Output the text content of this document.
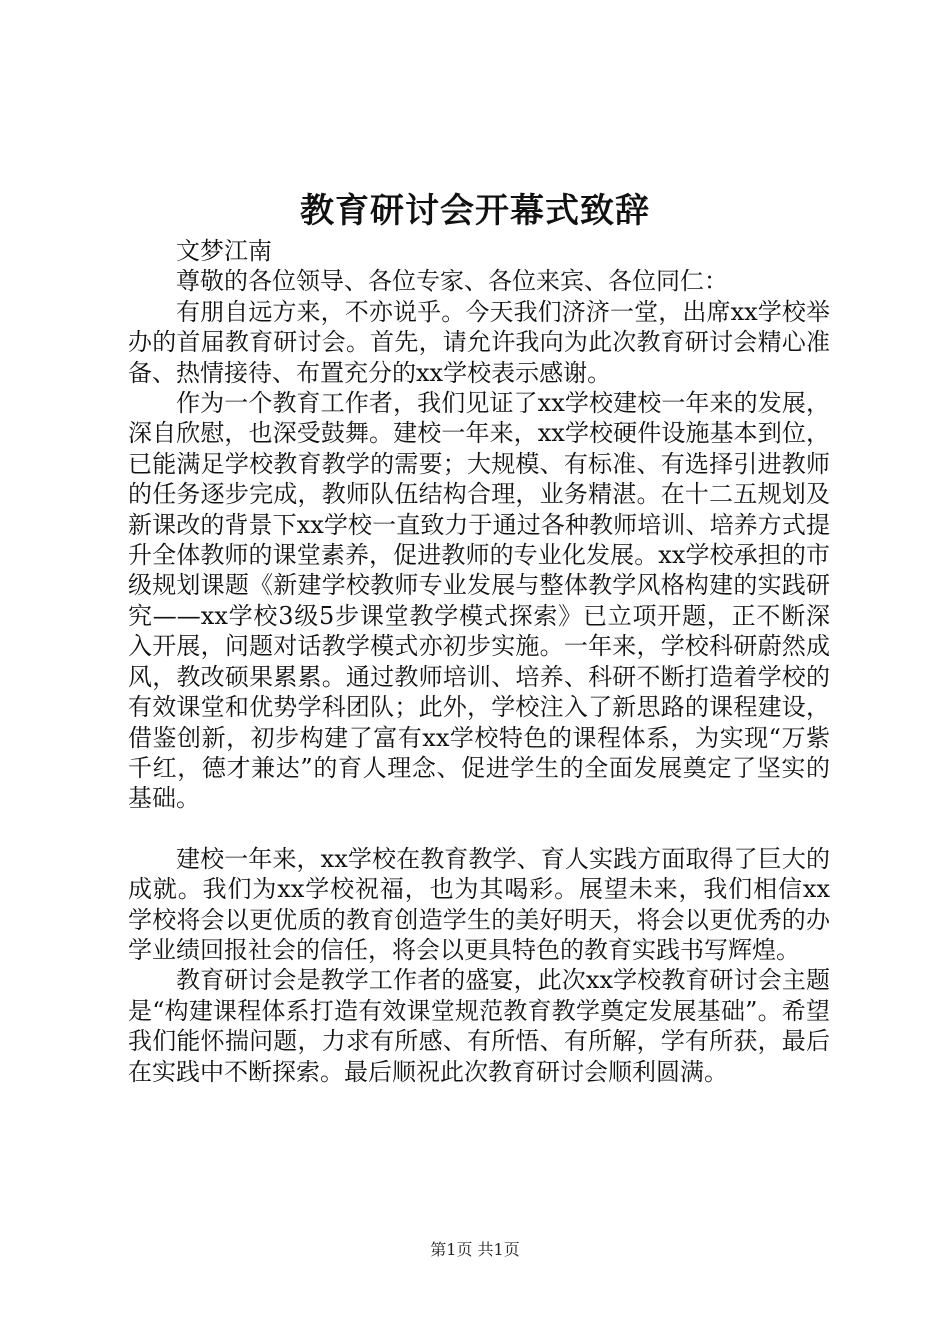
教育研讨会开幕式致辞

文梦江南

尊敬的各位领导、各位专家、各位来宾、各位同仁：

有朋自远方来，不亦说乎。今天我们济济一堂，出席xx学校举办的首届教育研讨会。首先，请允许我向为此次教育研讨会精心准备、热情接待、布置充分的xx学校表示感谢。

作为一个教育工作者，我们见证了xx学校建校一年来的发展，深自欣慰，也深受鼓舞。建校一年来，xx学校硬件设施基本到位，已能满足学校教育教学的需要；大规模、有标准、有选择引进教师的任务逐步完成，教师队伍结构合理，业务精湛。在十二五规划及新课改的背景下xx学校一直致力于通过各种教师培训、培养方式提升全体教师的课堂素养，促进教师的专业化发展。xx学校承担的市级规划课题《新建学校教师专业发展与整体教学风格构建的实践研究——xx学校3级5步课堂教学模式探索》已立项开题，正不断深入开展，问题对话教学模式亦初步实施。一年来，学校科研蔚然成风，教改硕果累累。通过教师培训、培养、科研不断打造着学校的有效课堂和优势学科团队；此外，学校注入了新思路的课程建设，借鉴创新，初步构建了富有xx学校特色的课程体系，为实现“万紫千红，德才兼达”的育人理念、促进学生的全面发展奠定了坚实的基础。

建校一年来，xx学校在教育教学、育人实践方面取得了巨大的成就。我们为xx学校祝福，也为其喝彩。展望未来，我们相信xx学校将会以更优质的教育创造学生的美好明天，将会以更优秀的办学业绩回报社会的信任，将会以更具特色的教育实践书写辉煌。

教育研讨会是教学工作者的盛宴，此次xx学校教育研讨会主题是“构建课程体系打造有效课堂规范教育教学奠定发展基础”。希望我们能怀揣问题，力求有所感、有所悟、有所解，学有所获，最后在实践中不断探索。最后顺祝此次教育研讨会顺利圆满。

第1页 共1页
